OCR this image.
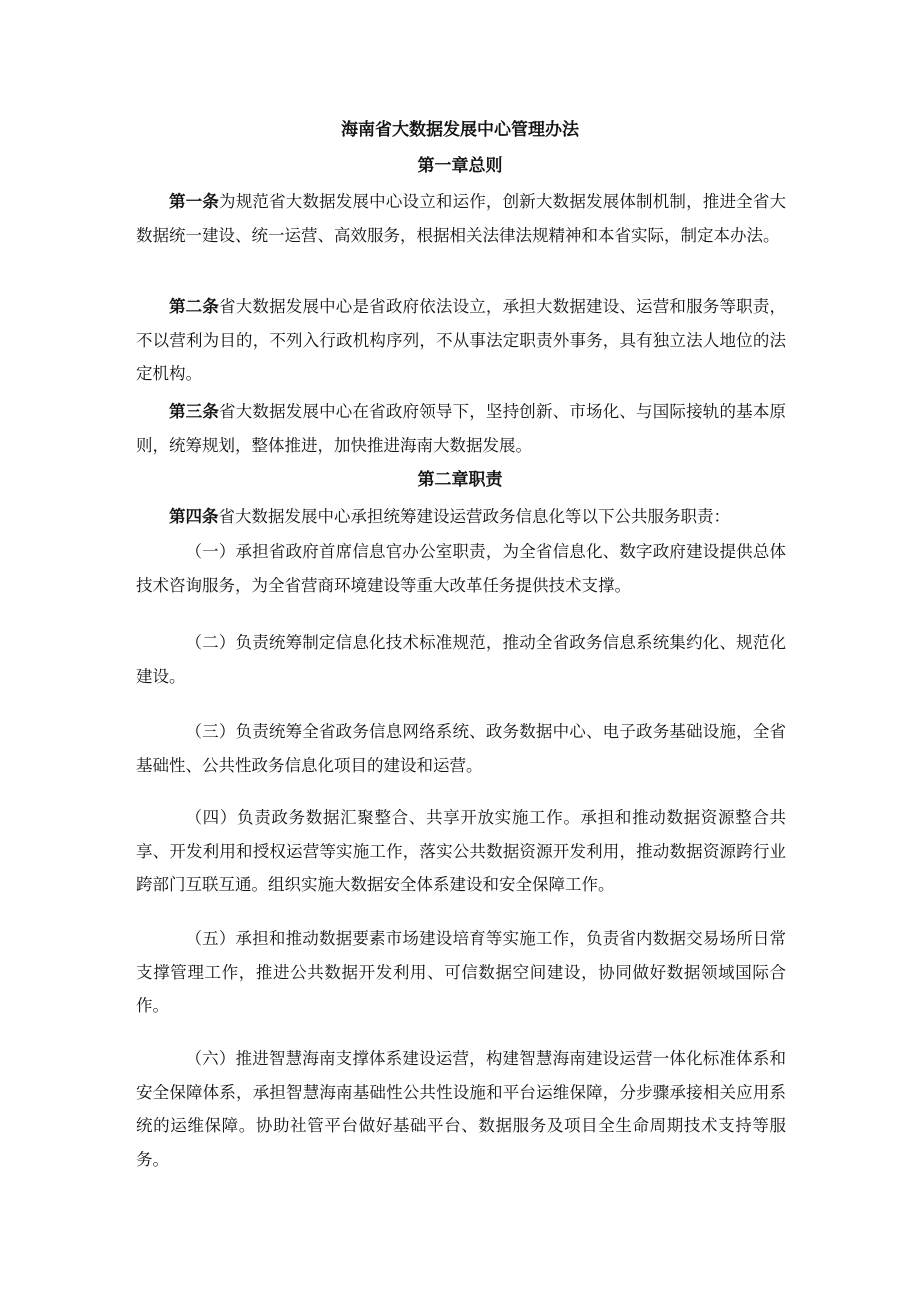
海南省大数据发展中心管理办法
第一章总则
第一条为规范省大数据发展中心设立和运作，创新大数据发展体制机制，推进全省大数据统一建设、统一运营、高效服务，根据相关法律法规精神和本省实际，制定本办法。
第二条省大数据发展中心是省政府依法设立，承担大数据建设、运营和服务等职责，不以营利为目的，不列入行政机构序列，不从事法定职责外事务，具有独立法人地位的法定机构。
第三条省大数据发展中心在省政府领导下，坚持创新、市场化、与国际接轨的基本原则，统筹规划，整体推进，加快推进海南大数据发展。
第二章职责
第四条省大数据发展中心承担统筹建设运营政务信息化等以下公共服务职责：
（一）承担省政府首席信息官办公室职责，为全省信息化、数字政府建设提供总体技术咨询服务，为全省营商环境建设等重大改革任务提供技术支撑。
（二）负责统筹制定信息化技术标准规范，推动全省政务信息系统集约化、规范化建设。
（三）负责统筹全省政务信息网络系统、政务数据中心、电子政务基础设施，全省基础性、公共性政务信息化项目的建设和运营。
（四）负责政务数据汇聚整合、共享开放实施工作。承担和推动数据资源整合共享、开发利用和授权运营等实施工作，落实公共数据资源开发利用，推动数据资源跨行业跨部门互联互通。组织实施大数据安全体系建设和安全保障工作。
（五）承担和推动数据要素市场建设培育等实施工作，负责省内数据交易场所日常支撑管理工作，推进公共数据开发利用、可信数据空间建设，协同做好数据领域国际合作。
（六）推进智慧海南支撑体系建设运营，构建智慧海南建设运营一体化标准体系和安全保障体系，承担智慧海南基础性公共性设施和平台运维保障，分步骤承接相关应用系统的运维保障。协助社管平台做好基础平台、数据服务及项目全生命周期技术支持等服务。
